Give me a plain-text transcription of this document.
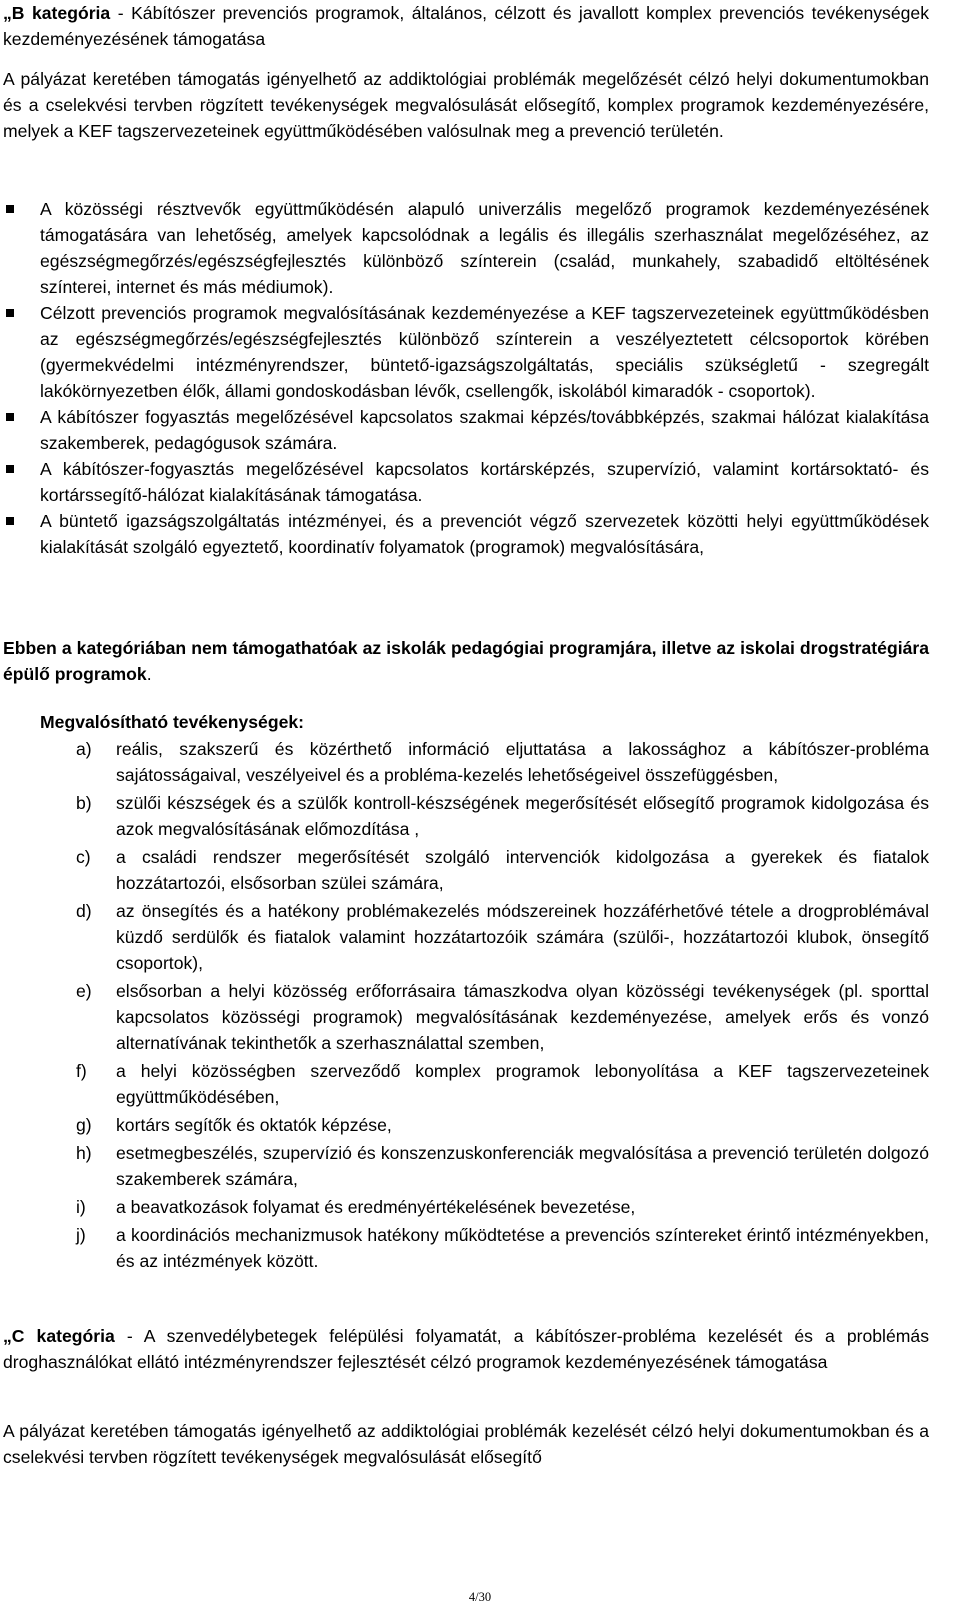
„B kategória - Kábítószer prevenciós programok, általános, célzott és javallott komplex prevenciós tevékenységek kezdeményezésének támogatása

A pályázat keretében támogatás igényelhető az addiktológiai problémák megelőzését célzó helyi dokumentumokban és a cselekvési tervben rögzített tevékenységek megvalósulását elősegítő, komplex programok kezdeményezésére, melyek a KEF tagszervezeteinek együttműködésében valósulnak meg a prevenció területén.

A közösségi résztvevők együttműködésén alapuló univerzális megelőző programok kezdeményezésének támogatására van lehetőség, amelyek kapcsolódnak a legális és illegális szerhasználat megelőzéséhez, az egészségmegőrzés/egészségfejlesztés különböző színterein (család, munkahely, szabadidő eltöltésének színterei, internet és más médiumok).
Célzott prevenciós programok megvalósításának kezdeményezése a KEF tagszervezeteinek együttműködésben az egészségmegőrzés/egészségfejlesztés különböző színterein a veszélyeztetett célcsoportok körében (gyermekvédelmi intézményrendszer, büntető-igazságszolgáltatás, speciális szükségletű - szegregált lakókörnyezetben élők, állami gondoskodásban lévők, csellengők, iskolából kimaradók - csoportok).
A kábítószer fogyasztás megelőzésével kapcsolatos szakmai képzés/továbbképzés, szakmai hálózat kialakítása szakemberek, pedagógusok számára.
A kábítószer-fogyasztás megelőzésével kapcsolatos kortársképzés, szupervízió, valamint kortársoktató- és kortárssegítő-hálózat kialakításának támogatása.
A büntető igazságszolgáltatás intézményei, és a prevenciót végző szervezetek közötti helyi együttműködések kialakítását szolgáló egyeztető, koordinatív folyamatok (programok) megvalósítására,

Ebben a kategóriában nem támogathatóak az iskolák pedagógiai programjára, illetve az iskolai drogstratégiára épülő programok.

Megvalósítható tevékenységek:

a) reális, szakszerű és közérthető információ eljuttatása a lakossághoz a kábítószer-probléma sajátosságaival, veszélyeivel és a probléma-kezelés lehetőségeivel összefüggésben,
b) szülői készségek és a szülők kontroll-készségének megerősítését elősegítő programok kidolgozása és azok megvalósításának előmozdítása ,
c) a családi rendszer megerősítését szolgáló intervenciók kidolgozása a gyerekek és fiatalok hozzátartozói, elsősorban szülei számára,
d) az önsegítés és a hatékony problémakezelés módszereinek hozzáférhetővé tétele a drogproblémával küzdő serdülők és fiatalok valamint hozzátartozóik számára (szülői-, hozzátartozói klubok, önsegítő csoportok),
e) elsősorban a helyi közösség erőforrásaira támaszkodva olyan közösségi tevékenységek (pl. sporttal kapcsolatos közösségi programok) megvalósításának kezdeményezése, amelyek erős és vonzó alternatívának tekinthetők a szerhasználattal szemben,
f) a helyi közösségben szerveződő komplex programok lebonyolítása a KEF tagszervezeteinek együttműködésében,
g) kortárs segítők és oktatók képzése,
h) esetmegbeszélés, szupervízió és konszenzuskonferenciák megvalósítása a prevenció területén dolgozó szakemberek számára,
i) a beavatkozások folyamat és eredményértékelésének bevezetése,
j) a koordinációs mechanizmusok hatékony működtetése a prevenciós színtereket érintő intézményekben, és az intézmények között.

„C kategória - A szenvedélybetegek felépülési folyamatát, a kábítószer-probléma kezelését és a problémás droghasználókat ellátó intézményrendszer fejlesztését célzó programok kezdeményezésének támogatása

A pályázat keretében támogatás igényelhető az addiktológiai problémák kezelését célzó helyi dokumentumokban és a cselekvési tervben rögzített tevékenységek megvalósulását elősegítő

4/30
